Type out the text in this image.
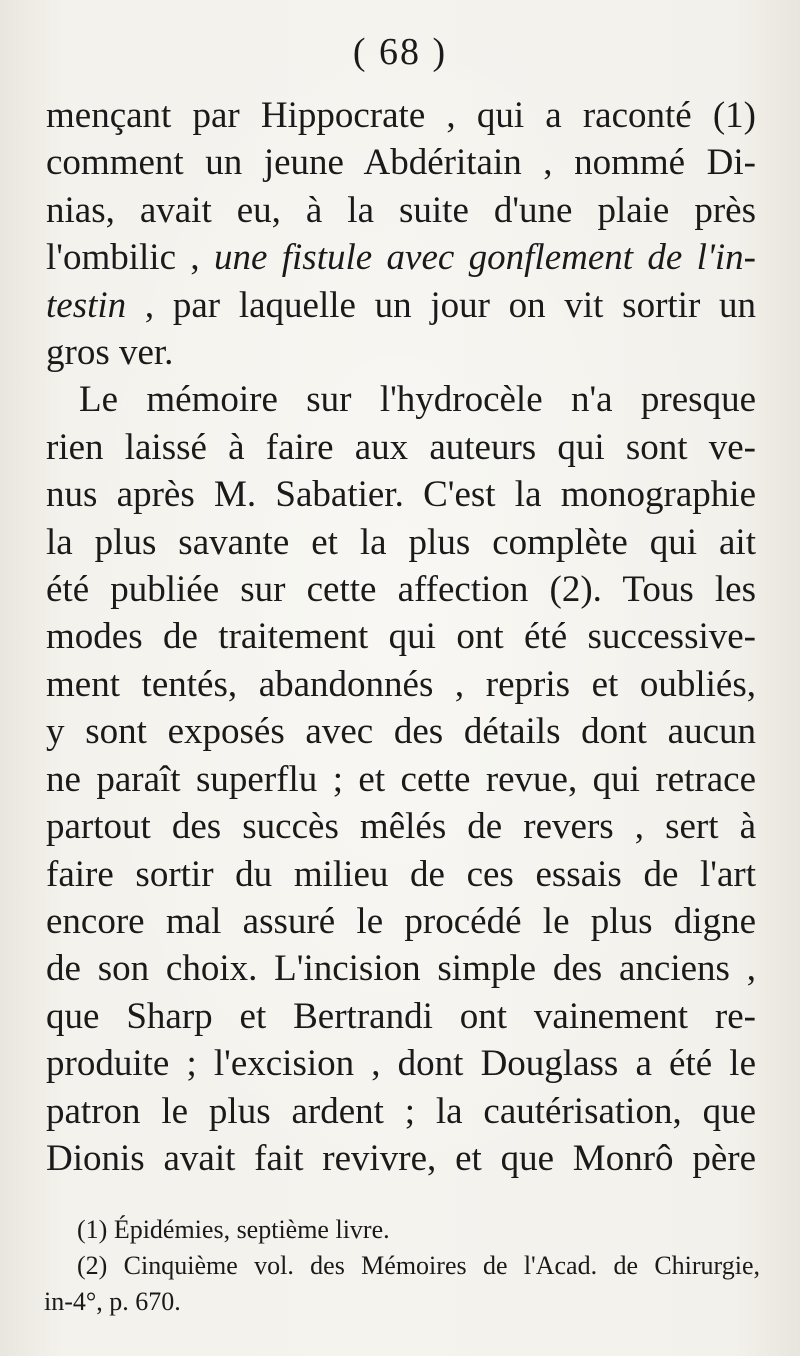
( 68 )
mençant par Hippocrate , qui a raconté (1)
comment un jeune Abdéritain , nommé Di-
nias, avait eu, à la suite d'une plaie près
l'ombilic , une fistule avec gonflement de l'in-
testin , par laquelle un jour on vit sortir un
gros ver.
Le mémoire sur l'hydrocèle n'a presque
rien laissé à faire aux auteurs qui sont ve-
nus après M. Sabatier. C'est la monographie
la plus savante et la plus complète qui ait
été publiée sur cette affection (2). Tous les
modes de traitement qui ont été successive-
ment tentés, abandonnés , repris et oubliés,
y sont exposés avec des détails dont aucun
ne paraît superflu ; et cette revue, qui retrace
partout des succès mêlés de revers , sert à
faire sortir du milieu de ces essais de l'art
encore mal assuré le procédé le plus digne
de son choix. L'incision simple des anciens ,
que Sharp et Bertrandi ont vainement re-
produite ; l'excision , dont Douglass a été le
patron le plus ardent ; la cautérisation, que
Dionis avait fait revivre, et que Monrô père
(1) Épidémies, septième livre.
(2) Cinquième vol. des Mémoires de l'Acad. de Chirurgie,
in-4°, p. 670.
